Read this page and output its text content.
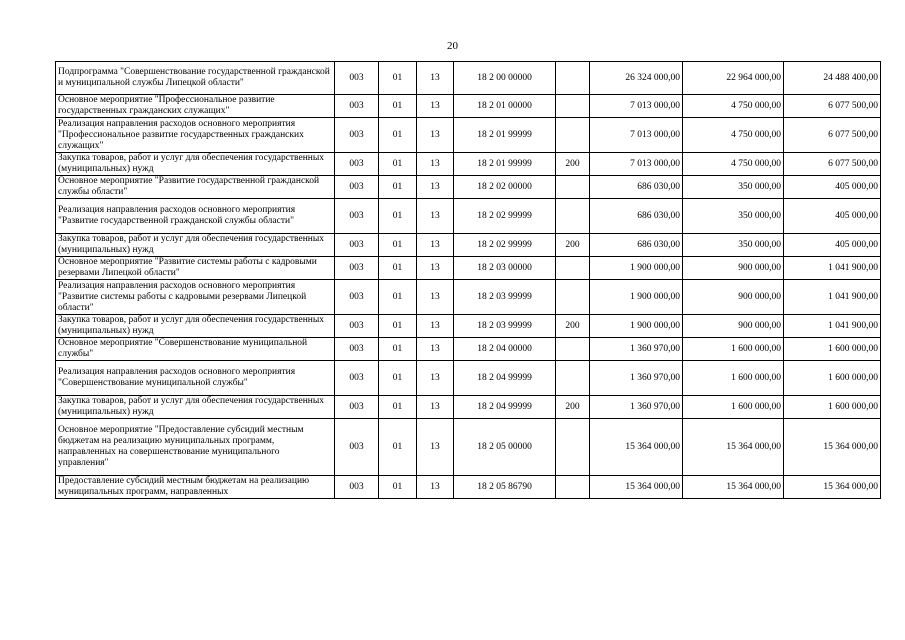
20
Подпрограмма "Совершенствование государственной гражданской и муниципальной службы Липецкой области"	003	01	13	18 2 00 00000		26 324 000,00	22 964 000,00	24 488 400,00
Основное мероприятие "Профессиональное развитие государственных гражданских служащих"	003	01	13	18 2 01 00000		7 013 000,00	4 750 000,00	6 077 500,00
Реализация направления расходов основного мероприятия "Профессиональное развитие государственных гражданских служащих"	003	01	13	18 2 01 99999		7 013 000,00	4 750 000,00	6 077 500,00
Закупка товаров, работ и услуг для обеспечения государственных (муниципальных) нужд	003	01	13	18 2 01 99999	200	7 013 000,00	4 750 000,00	6 077 500,00
Основное мероприятие "Развитие государственной гражданской службы области"	003	01	13	18 2 02 00000		686 030,00	350 000,00	405 000,00
Реализация направления расходов основного мероприятия "Развитие государственной гражданской службы области"	003	01	13	18 2 02 99999		686 030,00	350 000,00	405 000,00
Закупка товаров, работ и услуг для обеспечения государственных (муниципальных) нужд	003	01	13	18 2 02 99999	200	686 030,00	350 000,00	405 000,00
Основное мероприятие "Развитие системы работы с кадровыми резервами Липецкой области"	003	01	13	18 2 03 00000		1 900 000,00	900 000,00	1 041 900,00
Реализация направления расходов основного мероприятия "Развитие системы работы с кадровыми резервами Липецкой области"	003	01	13	18 2 03 99999		1 900 000,00	900 000,00	1 041 900,00
Закупка товаров, работ и услуг для обеспечения государственных (муниципальных) нужд	003	01	13	18 2 03 99999	200	1 900 000,00	900 000,00	1 041 900,00
Основное мероприятие "Совершенствование муниципальной службы"	003	01	13	18 2 04 00000		1 360 970,00	1 600 000,00	1 600 000,00
Реализация направления расходов основного мероприятия "Совершенствование муниципальной службы"	003	01	13	18 2 04 99999		1 360 970,00	1 600 000,00	1 600 000,00
Закупка товаров, работ и услуг для обеспечения государственных (муниципальных) нужд	003	01	13	18 2 04 99999	200	1 360 970,00	1 600 000,00	1 600 000,00
Основное мероприятие "Предоставление субсидий местным бюджетам на реализацию муниципальных программ, направленных на совершенствование муниципального управления"	003	01	13	18 2 05 00000		15 364 000,00	15 364 000,00	15 364 000,00
Предоставление субсидий местным бюджетам на реализацию муниципальных программ, направленных	003	01	13	18 2 05 86790		15 364 000,00	15 364 000,00	15 364 000,00
